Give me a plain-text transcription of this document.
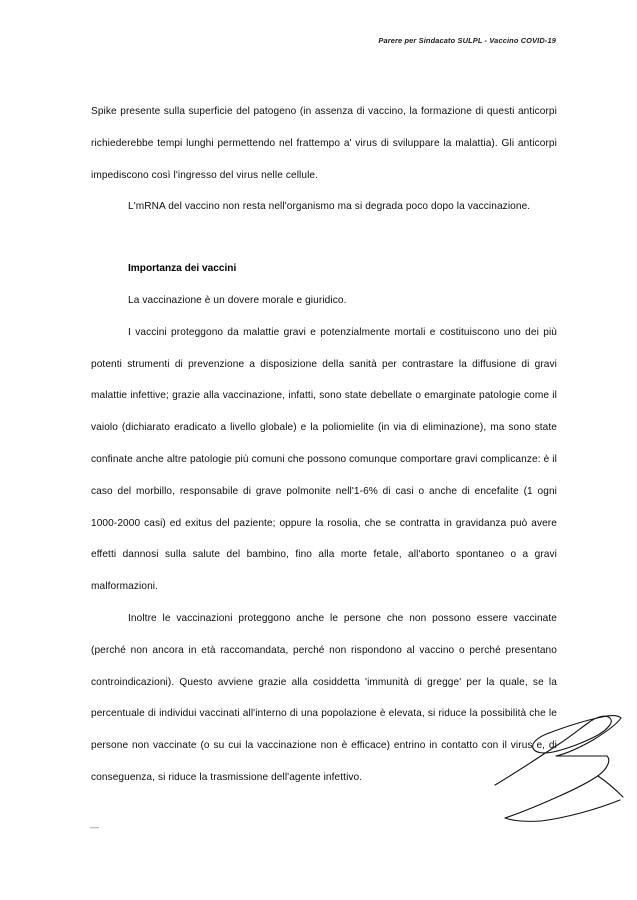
Parere per Sindacato SULPL - Vaccino COVID-19

Spike presente sulla superficie del patogeno (in assenza di vaccino, la formazione di questi anticorpi richiederebbe tempi lunghi permettendo nel frattempo a' virus di sviluppare la malattia). Gli anticorpi impediscono così l'ingresso del virus nelle cellule.

L'mRNA del vaccino non resta nell'organismo ma si degrada poco dopo la vaccinazione.

Importanza dei vaccini

La vaccinazione è un dovere morale e giuridico.

I vaccini proteggono da malattie gravi e potenzialmente mortali e costituiscono uno dei più potenti strumenti di prevenzione a disposizione della sanità per contrastare la diffusione di gravi malattie infettive; grazie alla vaccinazione, infatti, sono state debellate o emarginate patologie come il vaiolo (dichiarato eradicato a livello globale) e la poliomielite (in via di eliminazione), ma sono state confinate anche altre patologie più comuni che possono comunque comportare gravi complicanze: è il caso del morbillo, responsabile di grave polmonite nell'1-6% di casi o anche di encefalite (1 ogni 1000-2000 casi) ed exitus del paziente; oppure la rosolia, che se contratta in gravidanza può avere effetti dannosi sulla salute del bambino, fino alla morte fetale, all'aborto spontaneo o a gravi malformazioni.

Inoltre le vaccinazioni proteggono anche le persone che non possono essere vaccinate (perché non ancora in età raccomandata, perché non rispondono al vaccino o perché presentano controindicazioni). Questo avviene grazie alla cosiddetta 'immunità di gregge' per la quale, se la percentuale di individui vaccinati all'interno di una popolazione è elevata, si riduce la possibilità che le persone non vaccinate (o su cui la vaccinazione non è efficace) entrino in contatto con il virus e, di conseguenza, si riduce la trasmissione dell'agente infettivo.

—
